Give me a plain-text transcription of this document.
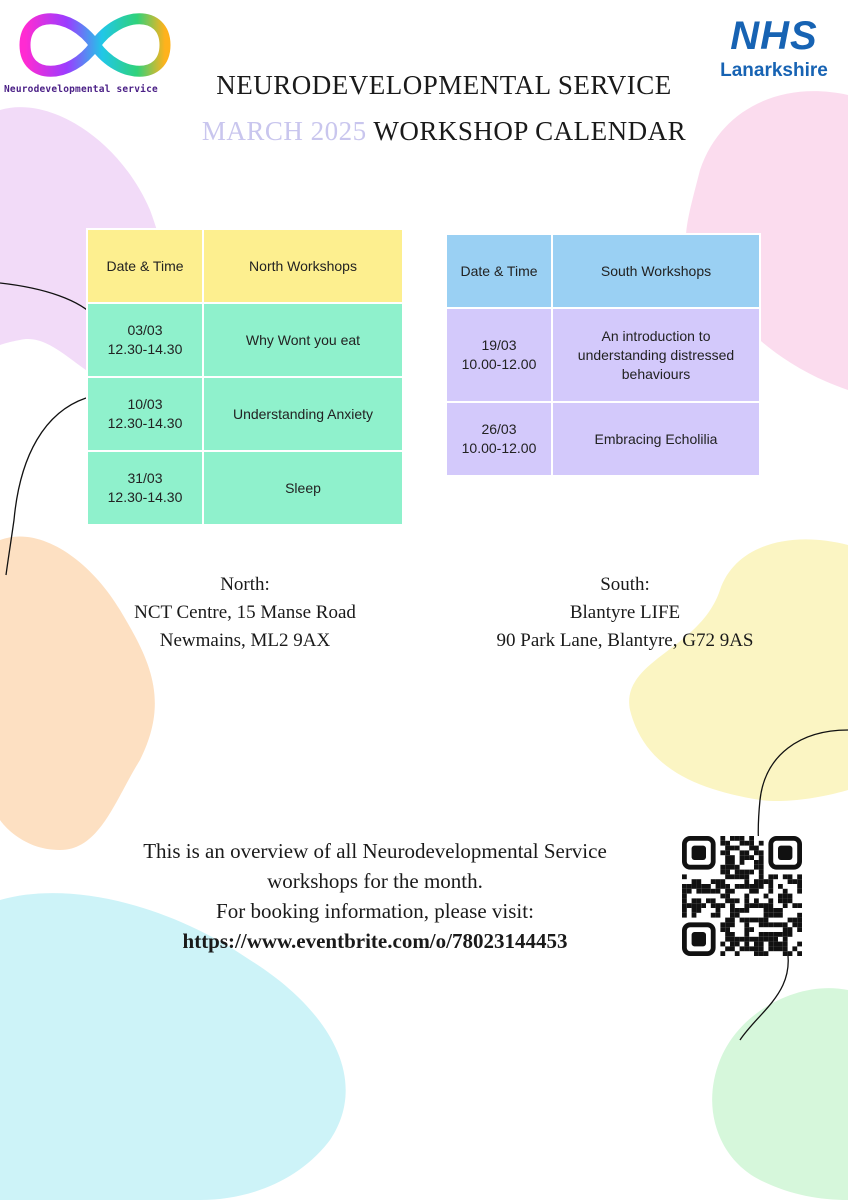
Neurodevelopmental service
NHS
Lanarkshire
NEURODEVELOPMENTAL SERVICE
MARCH 2025 WORKSHOP CALENDAR
Date & Time	North Workshops
03/03
12.30-14.30	Why Wont you eat
10/03
12.30-14.30	Understanding Anxiety
31/03
12.30-14.30	Sleep
Date & Time	South Workshops
19/03
10.00-12.00	An introduction to understanding distressed behaviours
26/03
10.00-12.00	Embracing Echolilia
North:
NCT Centre, 15 Manse Road
Newmains, ML2 9AX
South:
Blantyre LIFE
90 Park Lane, Blantyre, G72 9AS
This is an overview of all Neurodevelopmental Service
workshops for the month.
For booking information, please visit:
https://www.eventbrite.com/o/78023144453
